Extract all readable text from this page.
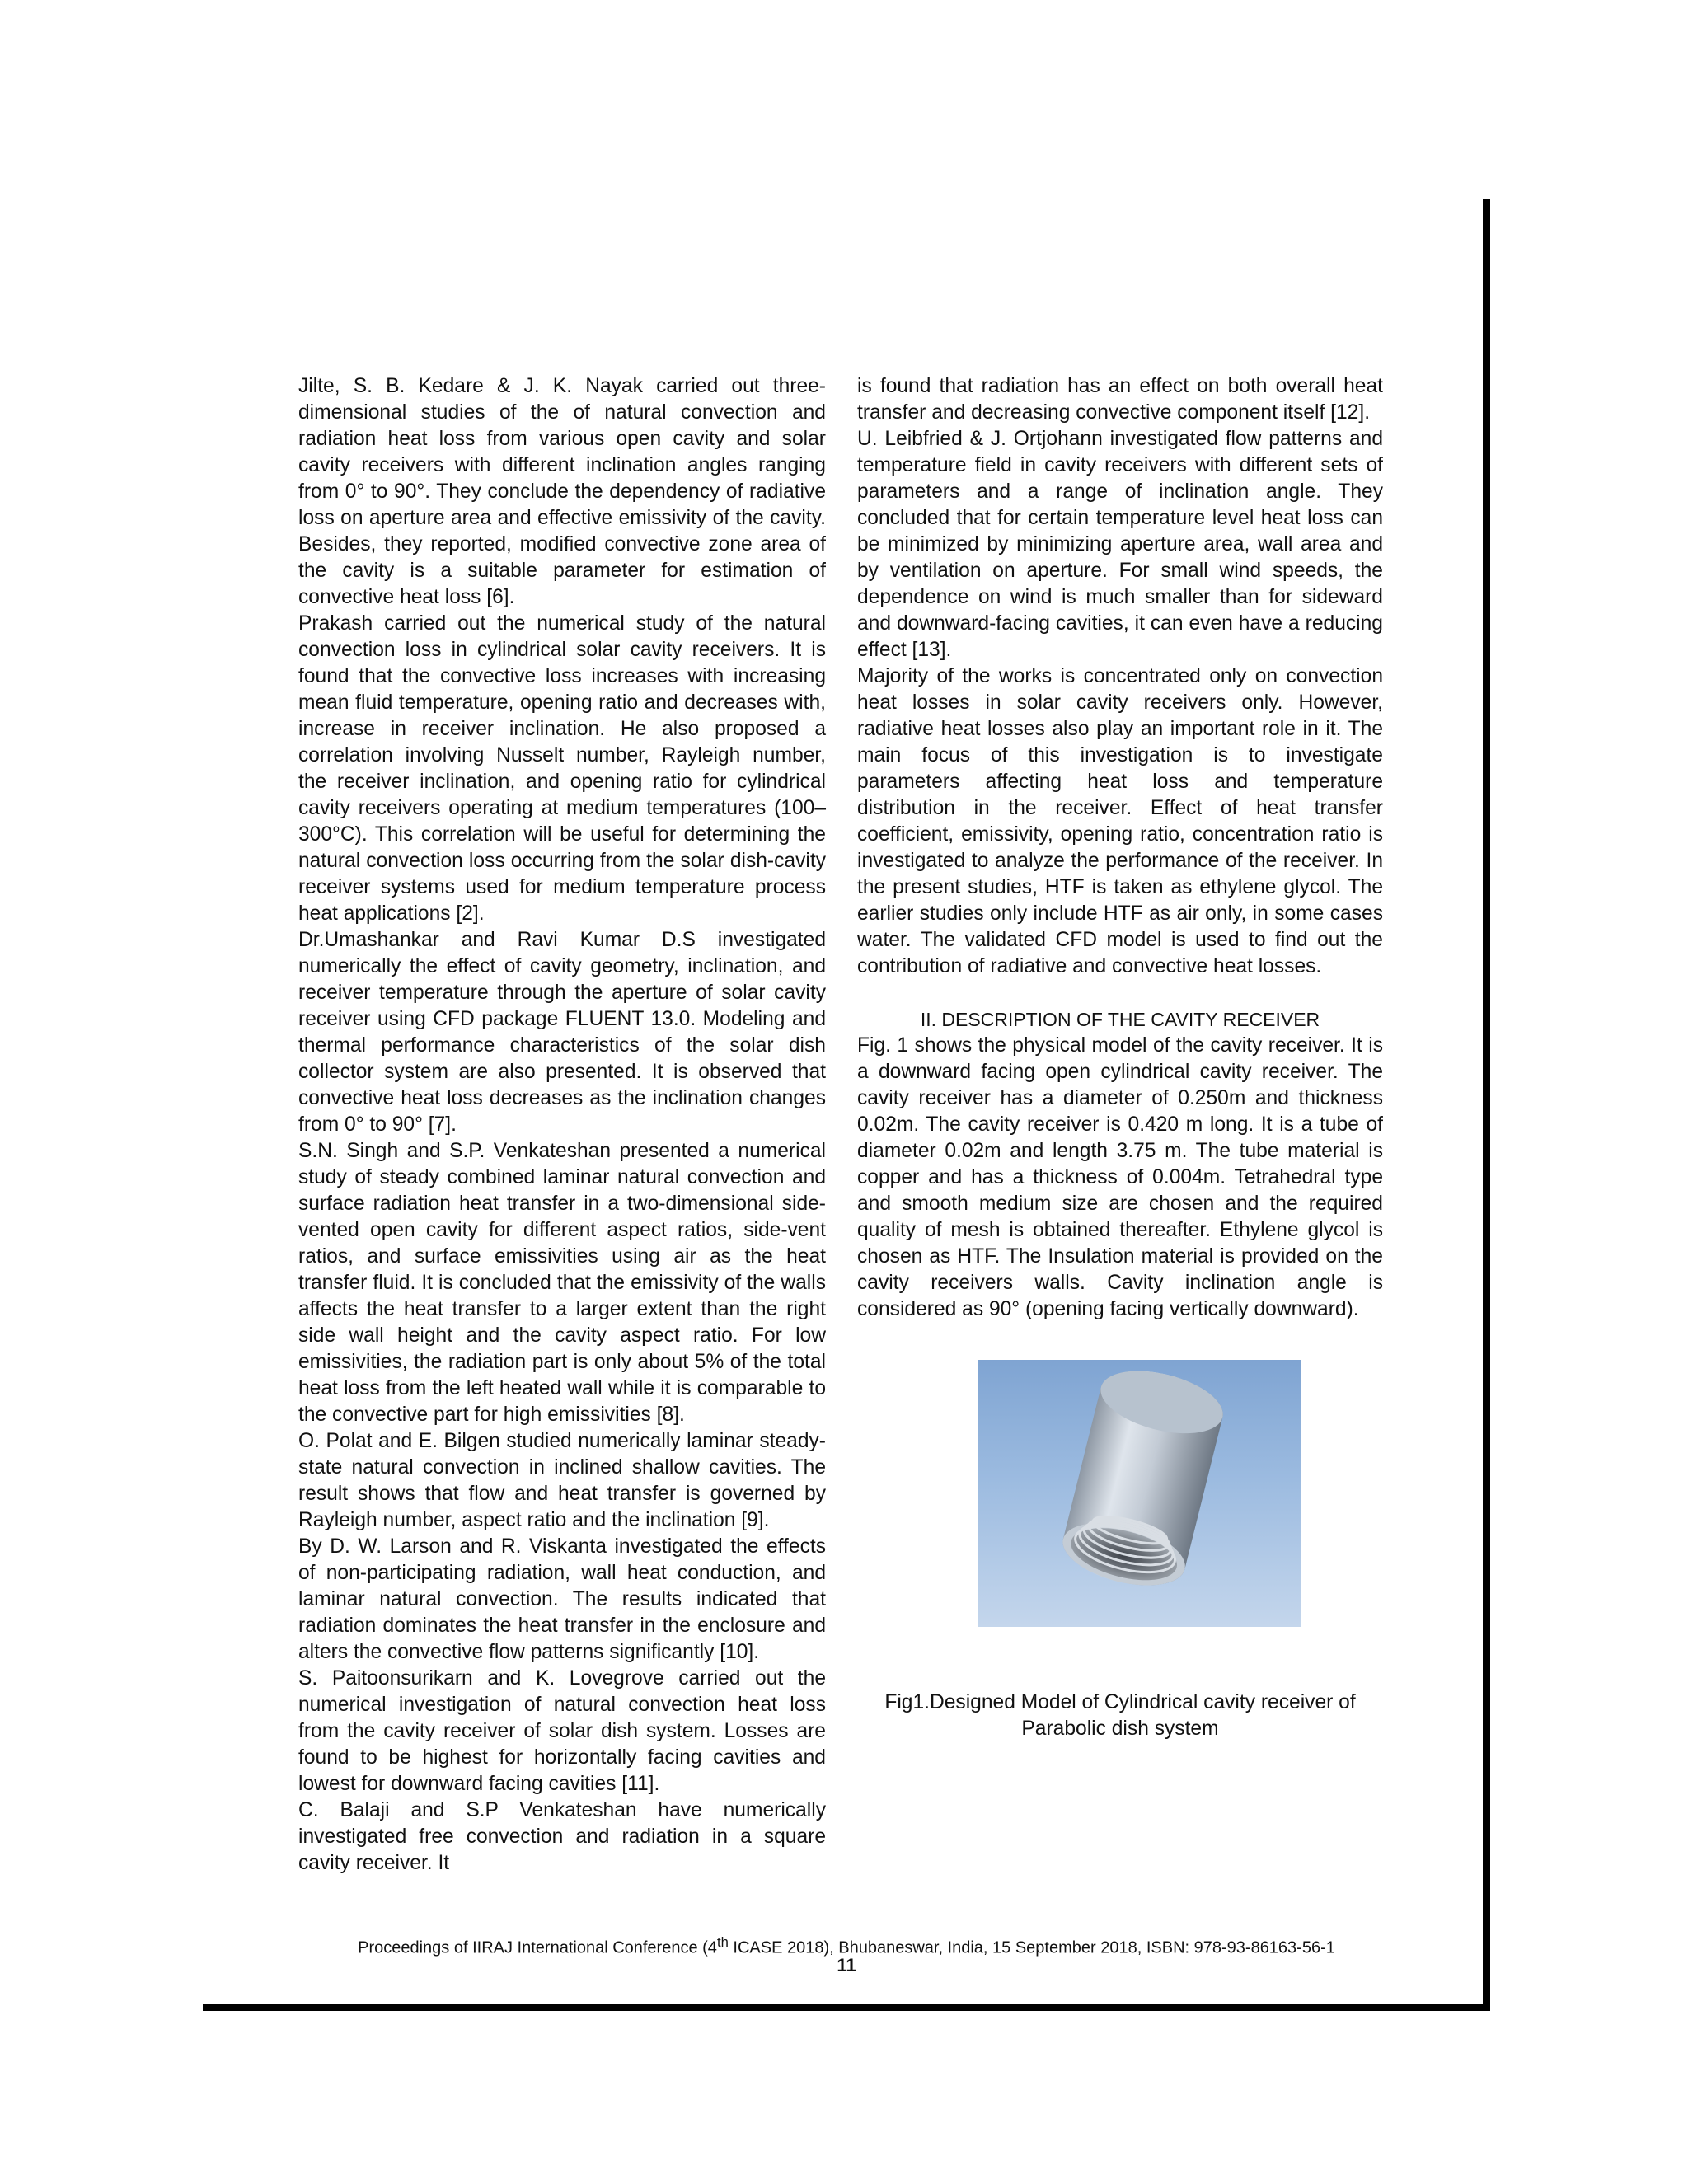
Jilte, S. B. Kedare & J. K. Nayak carried out three-dimensional studies of the of natural convection and radiation heat loss from various open cavity and solar cavity receivers with different inclination angles ranging from 0° to 90°. They conclude the dependency of radiative loss on aperture area and effective emissivity of the cavity. Besides, they reported, modified convective zone area of the cavity is a suitable parameter for estimation of convective heat loss [6].

Prakash carried out the numerical study of the natural convection loss in cylindrical solar cavity receivers. It is found that the convective loss increases with increasing mean fluid temperature, opening ratio and decreases with, increase in receiver inclination. He also proposed a correlation involving Nusselt number, Rayleigh number, the receiver inclination, and opening ratio for cylindrical cavity receivers operating at medium temperatures (100–300°C). This correlation will be useful for determining the natural convection loss occurring from the solar dish-cavity receiver systems used for medium temperature process heat applications [2].

Dr.Umashankar and Ravi Kumar D.S investigated numerically the effect of cavity geometry, inclination, and receiver temperature through the aperture of solar cavity receiver using CFD package FLUENT 13.0. Modeling and thermal performance characteristics of the solar dish collector system are also presented. It is observed that convective heat loss decreases as the inclination changes from 0° to 90° [7].

S.N. Singh and S.P. Venkateshan presented a numerical study of steady combined laminar natural convection and surface radiation heat transfer in a two-dimensional side-vented open cavity for different aspect ratios, side-vent ratios, and surface emissivities using air as the heat transfer fluid. It is concluded that the emissivity of the walls affects the heat transfer to a larger extent than the right side wall height and the cavity aspect ratio. For low emissivities, the radiation part is only about 5% of the total heat loss from the left heated wall while it is comparable to the convective part for high emissivities [8].

O. Polat and E. Bilgen studied numerically laminar steady-state natural convection in inclined shallow cavities. The result shows that flow and heat transfer is governed by Rayleigh number, aspect ratio and the inclination [9].

By D. W. Larson and R. Viskanta investigated the effects of non-participating radiation, wall heat conduction, and laminar natural convection. The results indicated that radiation dominates the heat transfer in the enclosure and alters the convective flow patterns significantly [10].

S. Paitoonsurikarn and K. Lovegrove carried out the numerical investigation of natural convection heat loss from the cavity receiver of solar dish system. Losses are found to be highest for horizontally facing cavities and lowest for downward facing cavities [11].

C. Balaji and S.P Venkateshan have numerically investigated free convection and radiation in a square cavity receiver. It

is found that radiation has an effect on both overall heat transfer and decreasing convective component itself [12].

U. Leibfried & J. Ortjohann investigated flow patterns and temperature field in cavity receivers with different sets of parameters and a range of inclination angle. They concluded that for certain temperature level heat loss can be minimized by minimizing aperture area, wall area and by ventilation on aperture. For small wind speeds, the dependence on wind is much smaller than for sideward and downward-facing cavities, it can even have a reducing effect [13].

Majority of the works is concentrated only on convection heat losses in solar cavity receivers only. However, radiative heat losses also play an important role in it. The main focus of this investigation is to investigate parameters affecting heat loss and temperature distribution in the receiver. Effect of heat transfer coefficient, emissivity, opening ratio, concentration ratio is investigated to analyze the performance of the receiver. In the present studies, HTF is taken as ethylene glycol. The earlier studies only include HTF as air only, in some cases water. The validated CFD model is used to find out the contribution of radiative and convective heat losses.

II. DESCRIPTION OF THE CAVITY RECEIVER

Fig. 1 shows the physical model of the cavity receiver. It is a downward facing open cylindrical cavity receiver. The cavity receiver has a diameter of 0.250m and thickness 0.02m. The cavity receiver is 0.420 m long. It is a tube of diameter 0.02m and length 3.75 m. The tube material is copper and has a thickness of 0.004m. Tetrahedral type and smooth medium size are chosen and the required quality of mesh is obtained thereafter. Ethylene glycol is chosen as HTF. The Insulation material is provided on the cavity receivers walls. Cavity inclination angle is considered as 90° (opening facing vertically downward).

Fig1.Designed Model of Cylindrical cavity receiver of
Parabolic dish system
Proceedings of IIRAJ International Conference (4th ICASE 2018), Bhubaneswar, India, 15 September 2018, ISBN: 978-93-86163-56-1
11
